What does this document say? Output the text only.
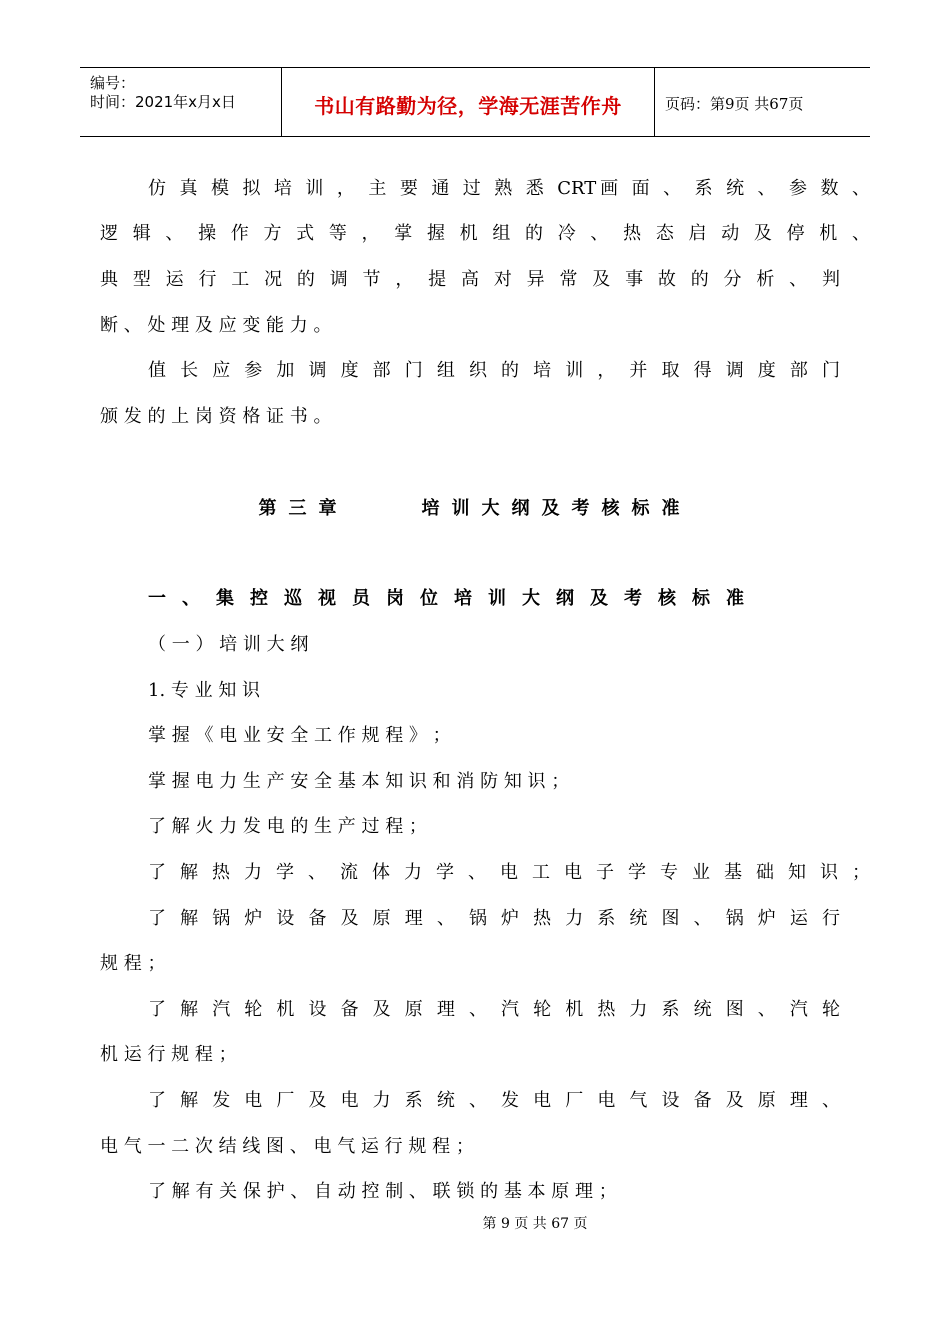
编号：
时间：2021年x月x日	书山有路勤为径，学海无涯苦作舟	页码：第9页 共67页
仿 真 模 拟 培 训 ， 主 要 通 过 熟 悉 CRT画 面 、 系 统 、 参 数 、
逻 辑 、 操 作 方 式 等 ， 掌 握 机 组 的 冷 、 热 态 启 动 及 停 机 、
典 型 运 行 工 况 的 调 节 ， 提 高 对 异 常 及 事 故 的 分 析 、 判
断 、 处 理 及 应 变 能 力 。
值 长 应 参 加 调 度 部 门 组 织 的 培 训 ， 并 取 得 调 度 部 门
颁 发 的 上 岗 资 格 证 书 。
第三章    培训大纲及考核标准
一、集控巡视员岗位培训大纲及考核标准
（ 一 ） 培 训 大 纲
1. 专 业 知 识
掌 握 《 电 业 安 全 工 作 规 程 》 ；
掌 握 电 力 生 产 安 全 基 本 知 识 和 消 防 知 识 ；
了 解 火 力 发 电 的 生 产 过 程 ；
了 解 热 力 学 、 流 体 力 学 、 电 工 电 子 学 专 业 基 础 知 识 ；
了 解 锅 炉 设 备 及 原 理 、 锅 炉 热 力 系 统 图 、 锅 炉 运 行
规 程 ；
了 解 汽 轮 机 设 备 及 原 理 、 汽 轮 机 热 力 系 统 图 、 汽 轮
机 运 行 规 程 ；
了 解 发 电 厂 及 电 力 系 统 、 发 电 厂 电 气 设 备 及 原 理 、
电 气 一 二 次 结 线 图 、 电 气 运 行 规 程 ；
了 解 有 关 保 护 、 自 动 控 制 、 联 锁 的 基 本 原 理 ；
第 9 页 共 67 页
